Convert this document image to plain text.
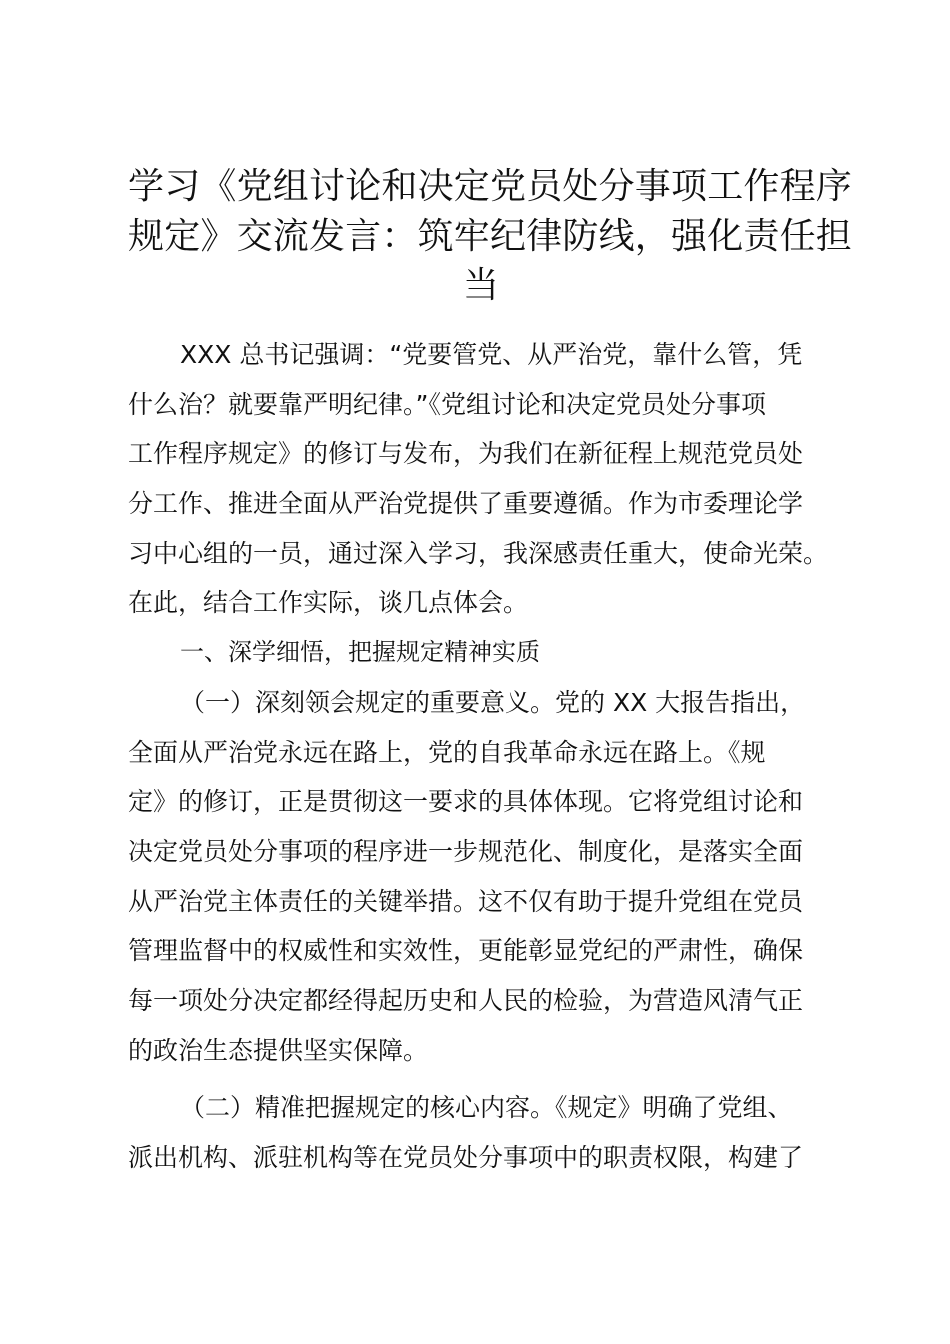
学习《党组讨论和决定党员处分事项工作程序
规定》交流发言：筑牢纪律防线，强化责任担
当
XXX 总书记强调：“党要管党、从严治党，靠什么管，凭
什么治？就要靠严明纪律。”《党组讨论和决定党员处分事项
工作程序规定》的修订与发布，为我们在新征程上规范党员处
分工作、推进全面从严治党提供了重要遵循。作为市委理论学
习中心组的一员，通过深入学习，我深感责任重大，使命光荣。
在此，结合工作实际，谈几点体会。
一、深学细悟，把握规定精神实质
（一）深刻领会规定的重要意义。党的 XX 大报告指出，
全面从严治党永远在路上，党的自我革命永远在路上。《规
定》的修订，正是贯彻这一要求的具体体现。它将党组讨论和
决定党员处分事项的程序进一步规范化、制度化，是落实全面
从严治党主体责任的关键举措。这不仅有助于提升党组在党员
管理监督中的权威性和实效性，更能彰显党纪的严肃性，确保
每一项处分决定都经得起历史和人民的检验，为营造风清气正
的政治生态提供坚实保障。
（二）精准把握规定的核心内容。《规定》明确了党组、
派出机构、派驻机构等在党员处分事项中的职责权限，构建了
